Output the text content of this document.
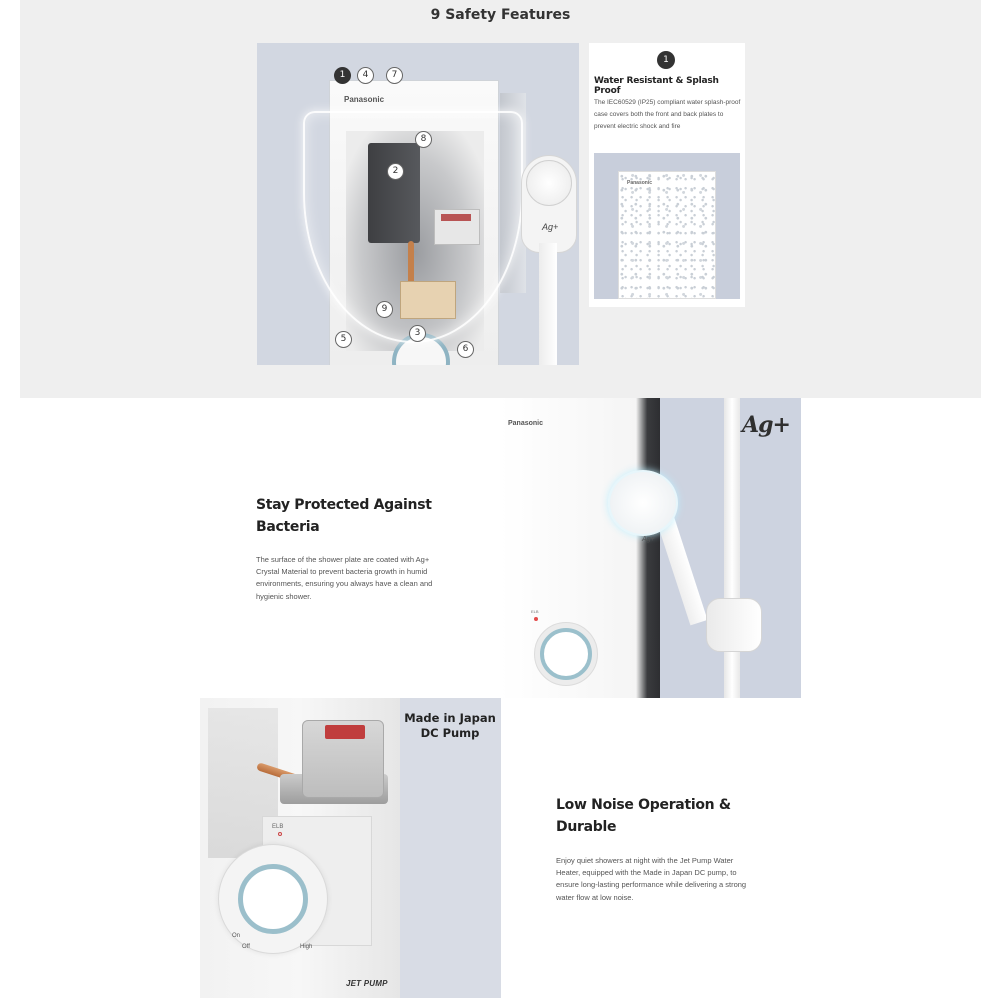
9 Safety Features
Panasonic
Ag+
1	4	7
8
2
9
3
5
6
1
Water Resistant & Splash Proof

The IEC60529 (IP25) compliant water splash-proof case covers both the front and back plates to prevent electric shock and fire

Panasonic
Stay Protected Against Bacteria

The surface of the shower plate are coated with Ag+ Crystal Material to prevent bacteria growth in humid environments, ensuring you always have a clean and hygienic shower.

Panasonic
ELB
Ag+
Ag+
ELB
On
Off	High
JET PUMP
Made in Japan DC Pump
Low Noise Operation & Durable

Enjoy quiet showers at night with the Jet Pump Water Heater, equipped with the Made in Japan DC pump, to ensure long-lasting performance while delivering a strong water flow at low noise.
